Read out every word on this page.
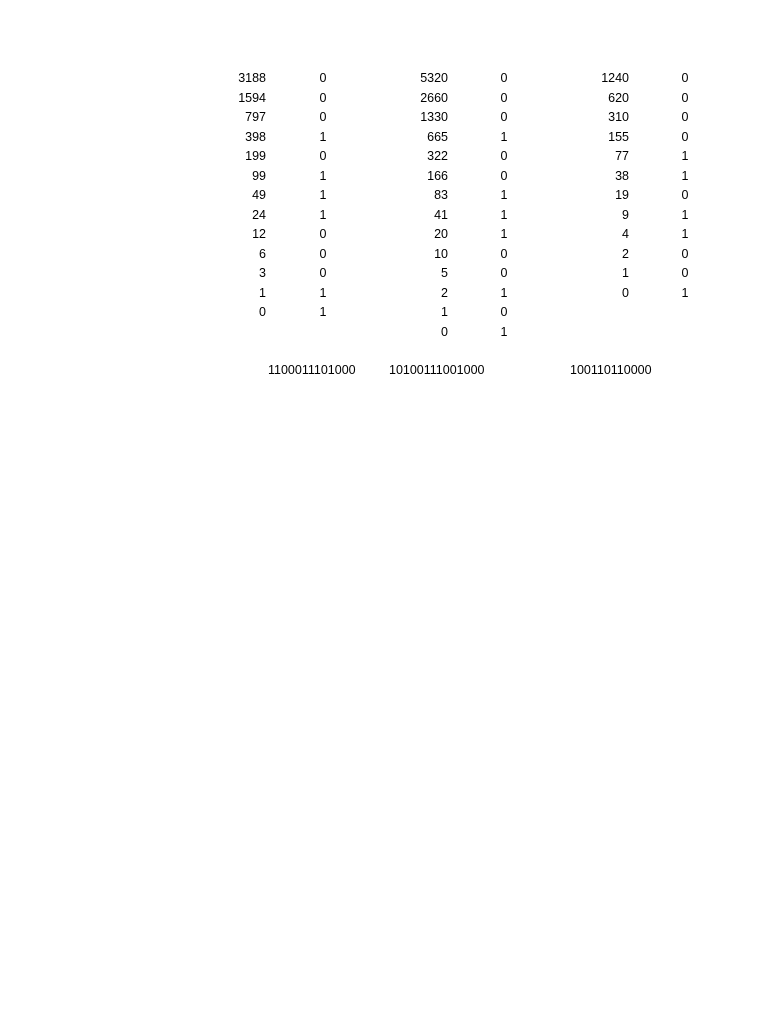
3188
1594
797
398
199
99
49
24
12
6
3
1
0
0
0
0
1
0
1
1
1
0
0
0
1
1
5320
2660
1330
665
322
166
83
41
20
10
5
2
1
0
0
0
0
1
0
0
1
1
1
0
0
1
0
1
1240
620
310
155
77
38
19
9
4
2
1
0
0
0
0
0
1
1
0
1
1
0
0
1
1100011101000	10100111001000	100110110000
